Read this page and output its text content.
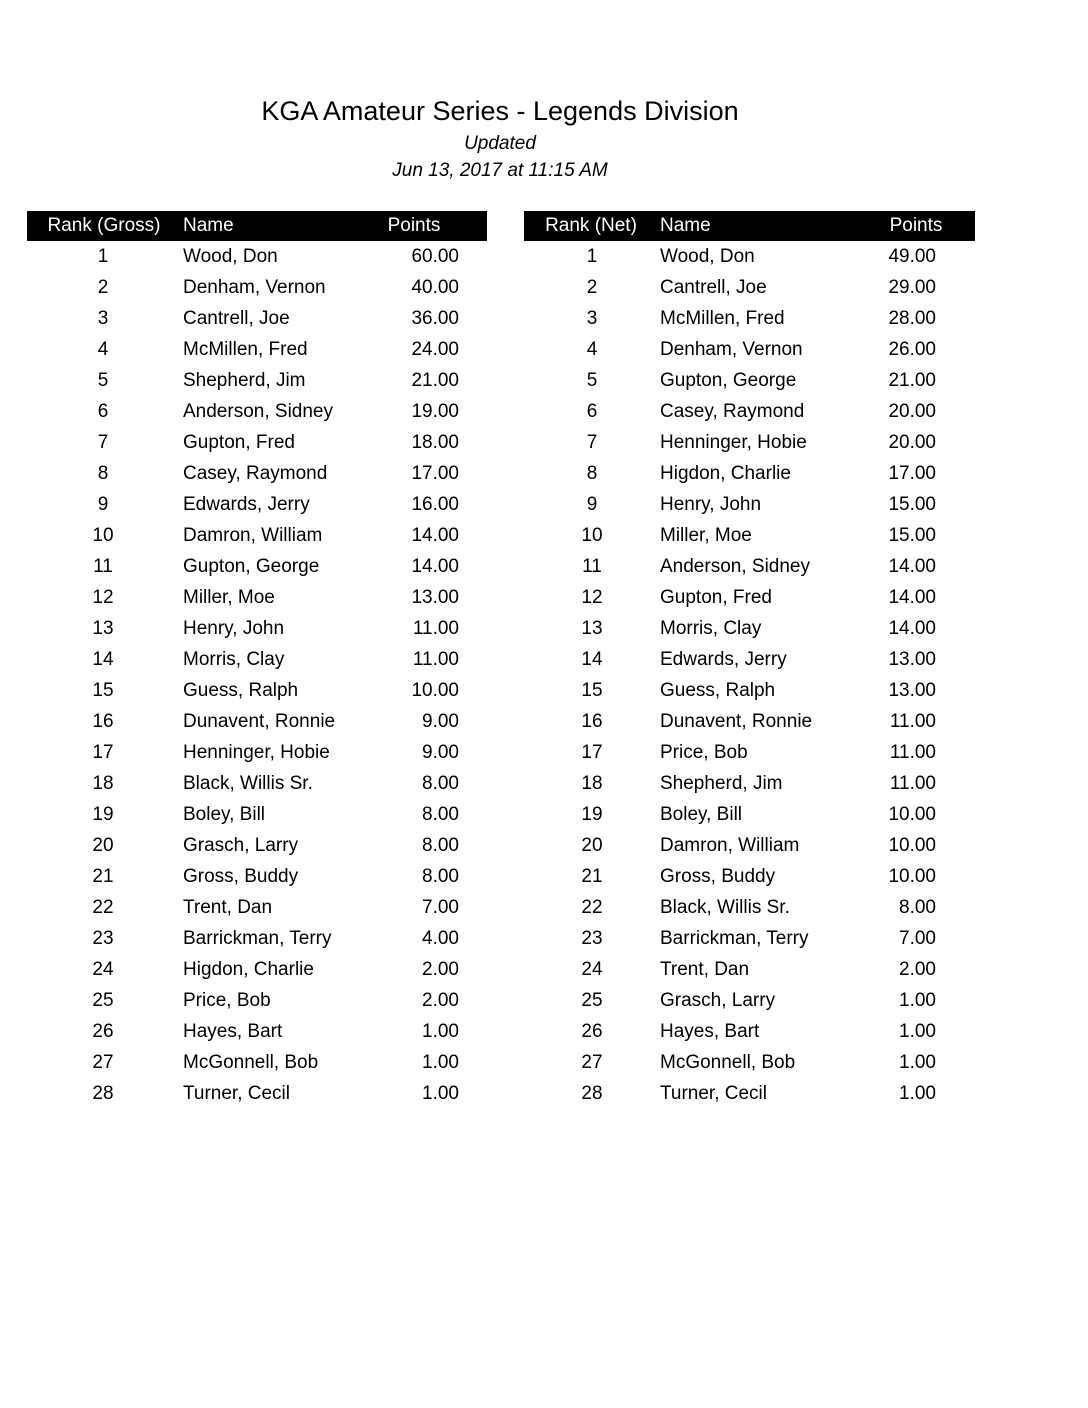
KGA Amateur Series - Legends Division
Updated
Jun 13, 2017 at 11:15 AM
Rank (Gross)	Name	Points
1	Wood, Don	60.00
2	Denham, Vernon	40.00
3	Cantrell, Joe	36.00
4	McMillen, Fred	24.00
5	Shepherd, Jim	21.00
6	Anderson, Sidney	19.00
7	Gupton, Fred	18.00
8	Casey, Raymond	17.00
9	Edwards, Jerry	16.00
10	Damron, William	14.00
11	Gupton, George	14.00
12	Miller, Moe	13.00
13	Henry, John	11.00
14	Morris, Clay	11.00
15	Guess, Ralph	10.00
16	Dunavent, Ronnie	9.00
17	Henninger, Hobie	9.00
18	Black, Willis Sr.	8.00
19	Boley, Bill	8.00
20	Grasch, Larry	8.00
21	Gross, Buddy	8.00
22	Trent, Dan	7.00
23	Barrickman, Terry	4.00
24	Higdon, Charlie	2.00
25	Price, Bob	2.00
26	Hayes, Bart	1.00
27	McGonnell, Bob	1.00
28	Turner, Cecil	1.00
Rank (Net)	Name	Points
1	Wood, Don	49.00
2	Cantrell, Joe	29.00
3	McMillen, Fred	28.00
4	Denham, Vernon	26.00
5	Gupton, George	21.00
6	Casey, Raymond	20.00
7	Henninger, Hobie	20.00
8	Higdon, Charlie	17.00
9	Henry, John	15.00
10	Miller, Moe	15.00
11	Anderson, Sidney	14.00
12	Gupton, Fred	14.00
13	Morris, Clay	14.00
14	Edwards, Jerry	13.00
15	Guess, Ralph	13.00
16	Dunavent, Ronnie	11.00
17	Price, Bob	11.00
18	Shepherd, Jim	11.00
19	Boley, Bill	10.00
20	Damron, William	10.00
21	Gross, Buddy	10.00
22	Black, Willis Sr.	8.00
23	Barrickman, Terry	7.00
24	Trent, Dan	2.00
25	Grasch, Larry	1.00
26	Hayes, Bart	1.00
27	McGonnell, Bob	1.00
28	Turner, Cecil	1.00
